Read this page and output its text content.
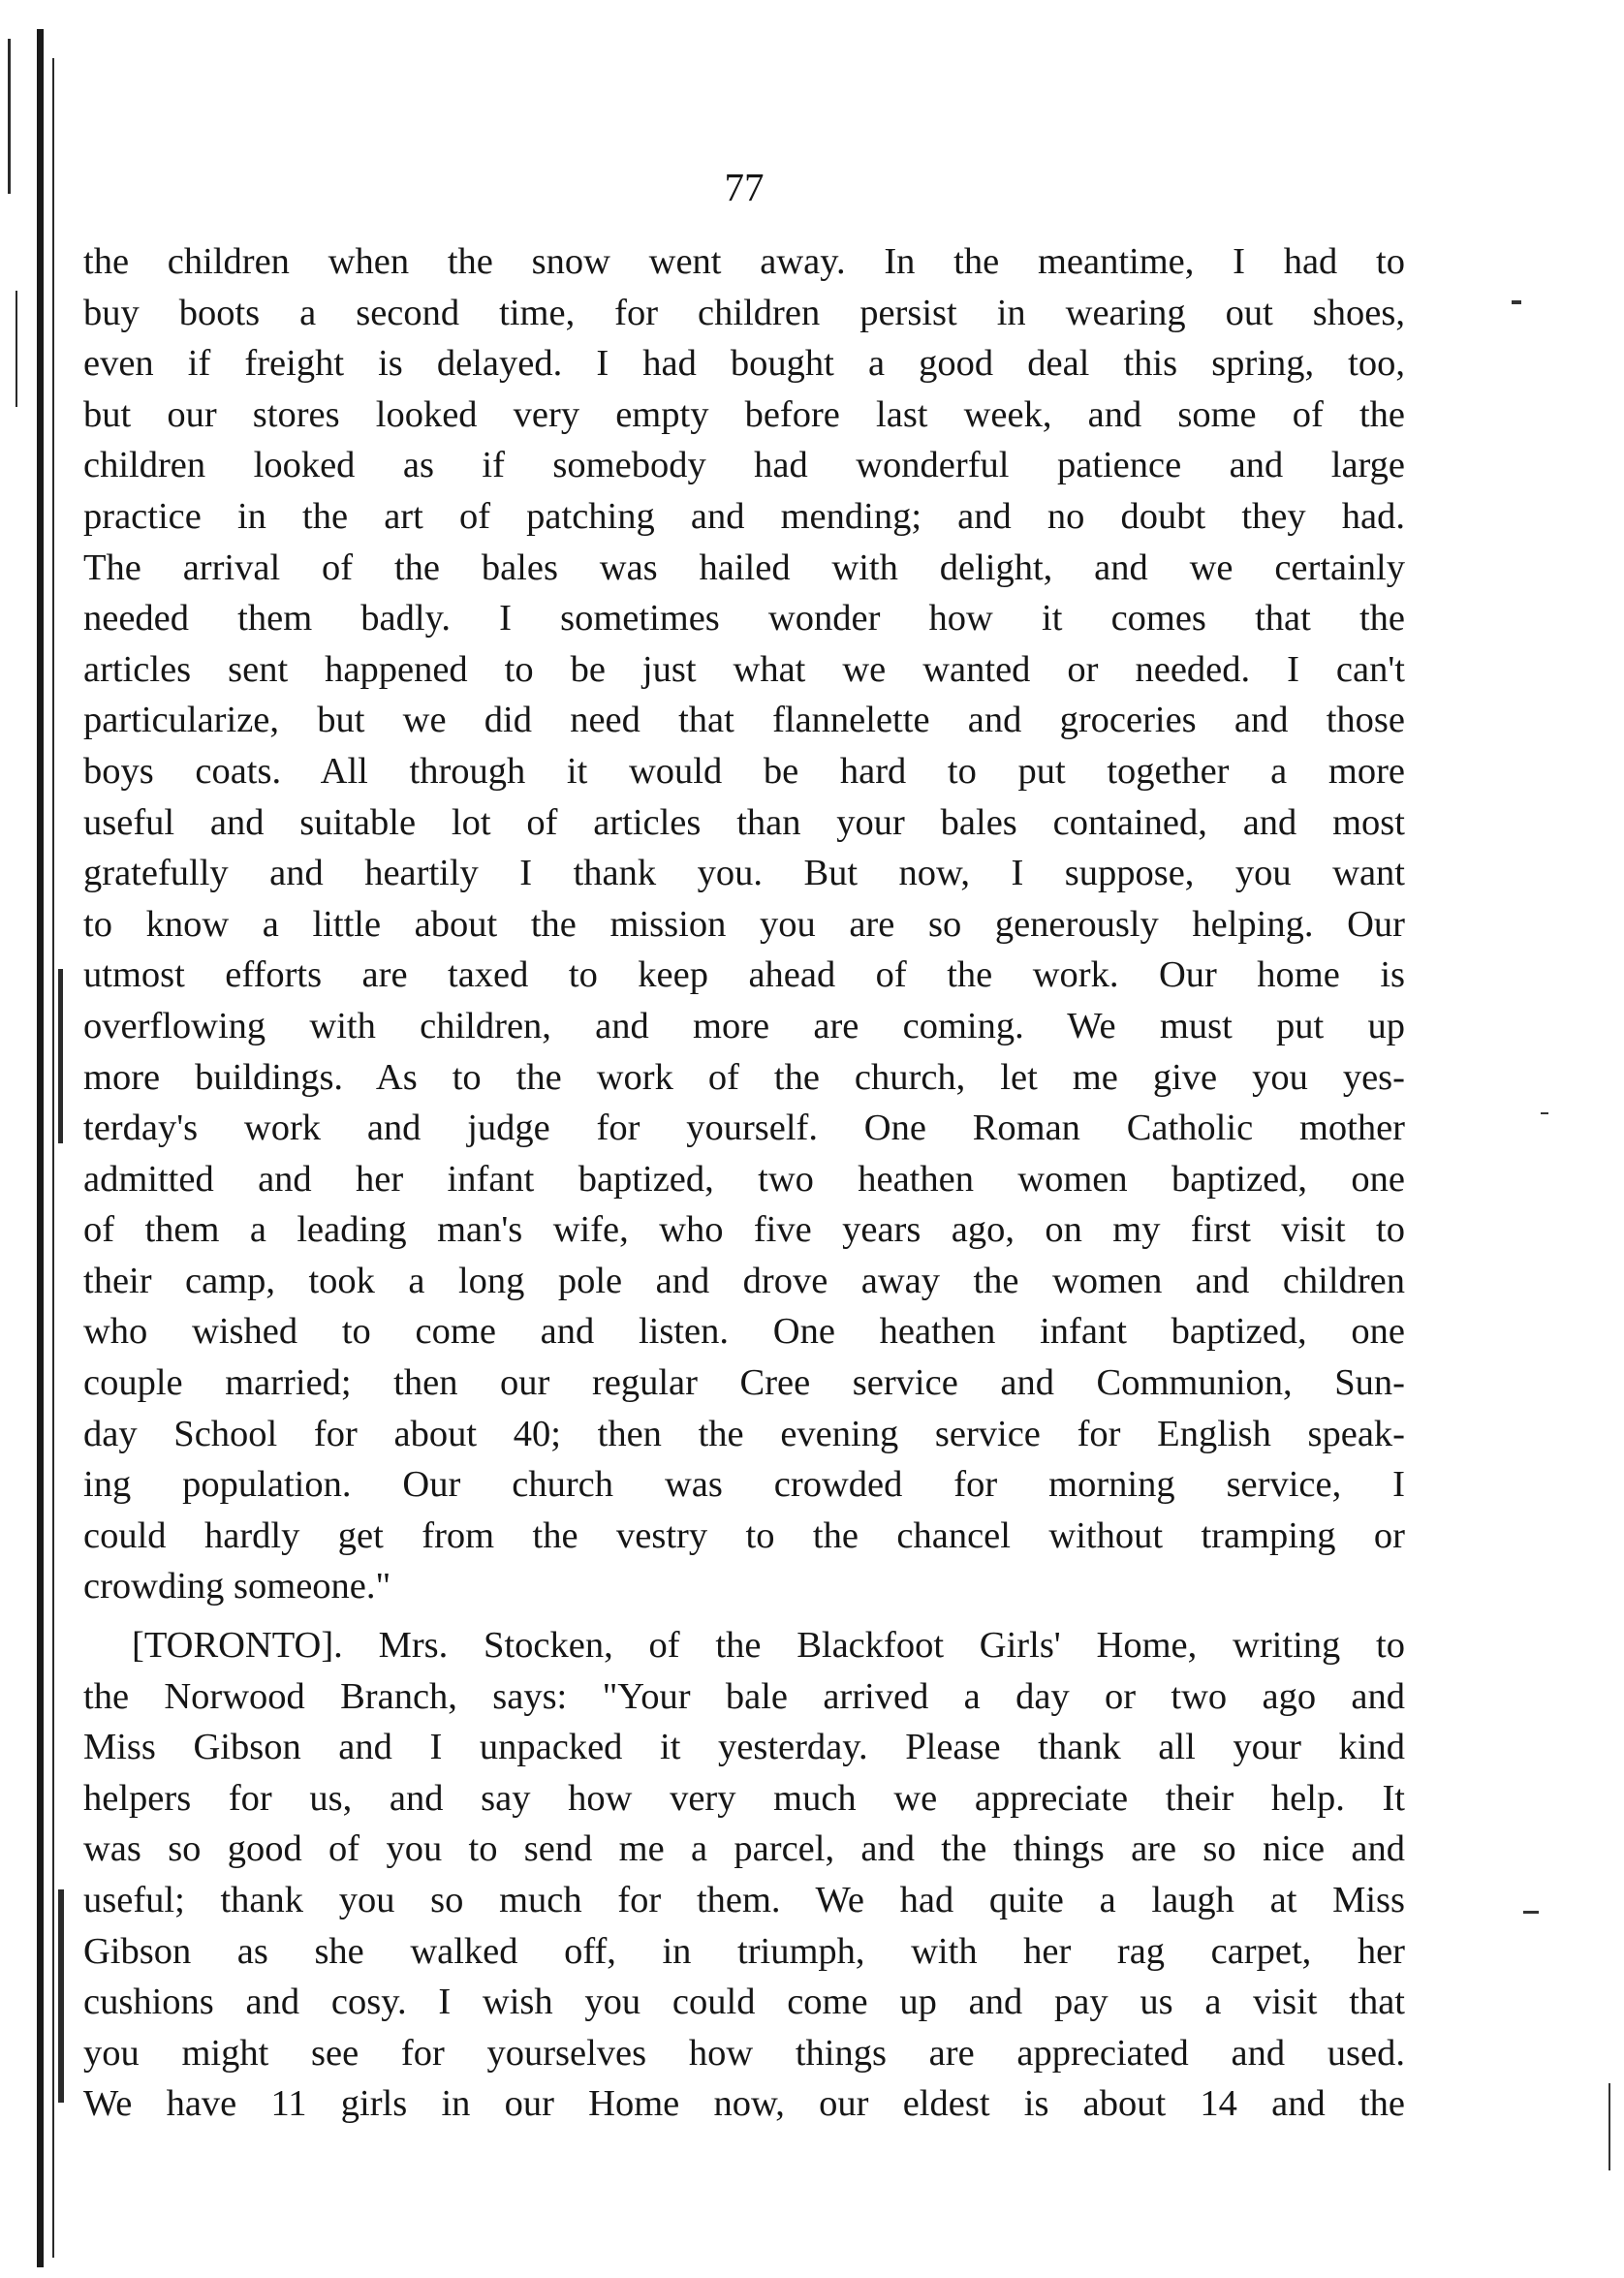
77
the children when the snow went away. In the meantime, I had to
buy boots a second time, for children persist in wearing out shoes,
even if freight is delayed. I had bought a good deal this spring, too,
but our stores looked very empty before last week, and some of the
children looked as if somebody had wonderful patience and large
practice in the art of patching and mending; and no doubt they had.
The arrival of the bales was hailed with delight, and we certainly
needed them badly. I sometimes wonder how it comes that the
articles sent happened to be just what we wanted or needed. I can't
particularize, but we did need that flannelette and groceries and those
boys coats. All through it would be hard to put together a more
useful and suitable lot of articles than your bales contained, and most
gratefully and heartily I thank you. But now, I suppose, you want
to know a little about the mission you are so generously helping. Our
utmost efforts are taxed to keep ahead of the work. Our home is
overflowing with children, and more are coming. We must put up
more buildings. As to the work of the church, let me give you yes-
terday's work and judge for yourself. One Roman Catholic mother
admitted and her infant baptized, two heathen women baptized, one
of them a leading man's wife, who five years ago, on my first visit to
their camp, took a long pole and drove away the women and children
who wished to come and listen. One heathen infant baptized, one
couple married; then our regular Cree service and Communion, Sun-
day School for about 40; then the evening service for English speak-
ing population. Our church was crowded for morning service, I
could hardly get from the vestry to the chancel without tramping or
crowding someone."
[TORONTO]. Mrs. Stocken, of the Blackfoot Girls' Home, writing to
the Norwood Branch, says: "Your bale arrived a day or two ago and
Miss Gibson and I unpacked it yesterday. Please thank all your kind
helpers for us, and say how very much we appreciate their help. It
was so good of you to send me a parcel, and the things are so nice and
useful; thank you so much for them. We had quite a laugh at Miss
Gibson as she walked off, in triumph, with her rag carpet, her
cushions and cosy. I wish you could come up and pay us a visit that
you might see for yourselves how things are appreciated and used.
We have 11 girls in our Home now, our eldest is about 14 and the
